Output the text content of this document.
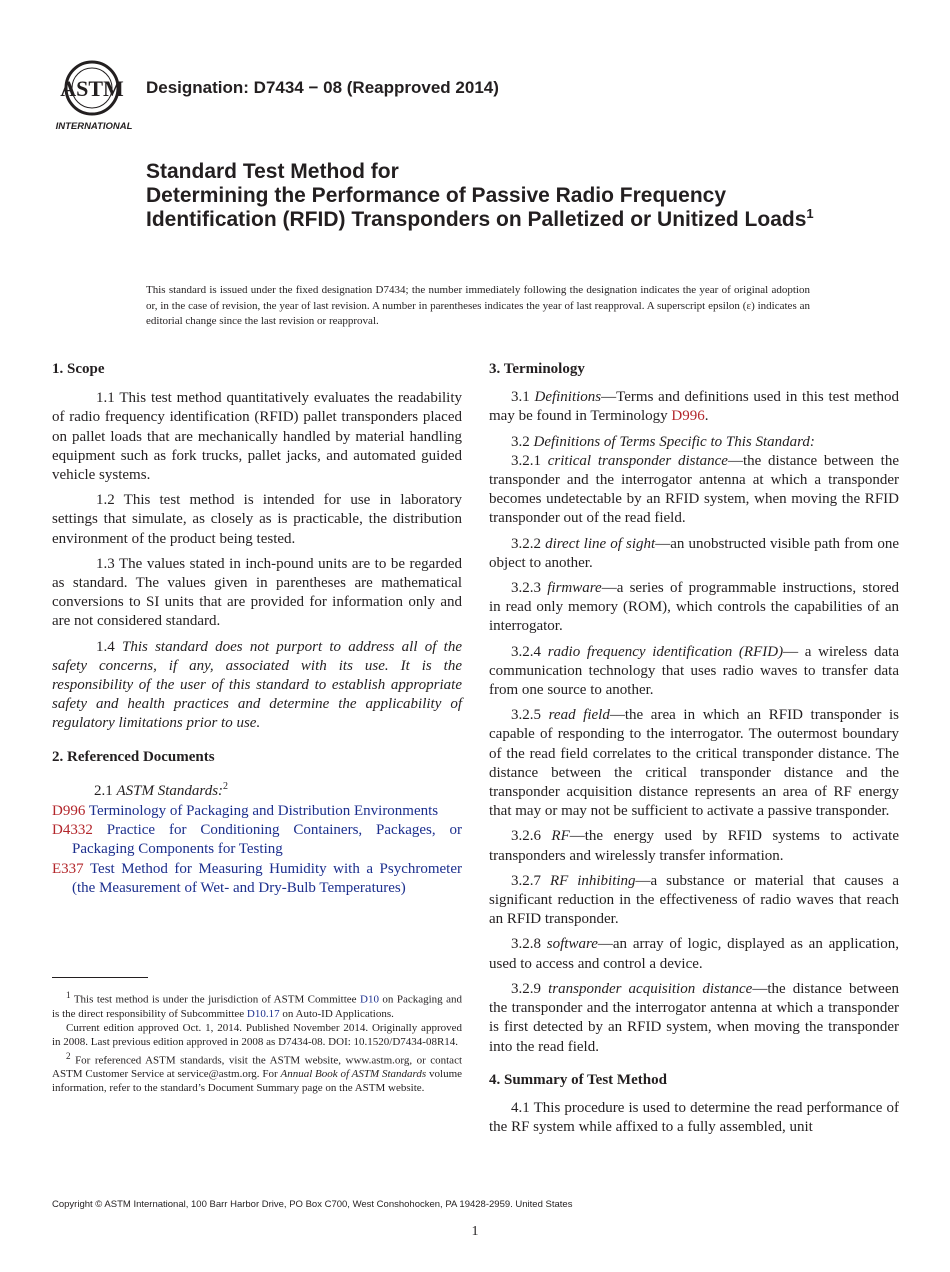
ASTM
INTERNATIONAL
Designation: D7434 − 08 (Reapproved 2014)
Standard Test Method for
Determining the Performance of Passive Radio Frequency Identification (RFID) Transponders on Palletized or Unitized Loads$^1$
This standard is issued under the fixed designation D7434; the number immediately following the designation indicates the year of original adoption or, in the case of revision, the year of last revision. A number in parentheses indicates the year of last reapproval. A superscript epsilon (ε) indicates an editorial change since the last revision or reapproval.

1. Scope

1.1 This test method quantitatively evaluates the readability of radio frequency identification (RFID) pallet transponders placed on pallet loads that are mechanically handled by material handling equipment such as fork trucks, pallet jacks, and automated guided vehicle systems.

1.2 This test method is intended for use in laboratory settings that simulate, as closely as is practicable, the distribution environment of the product being tested.

1.3 The values stated in inch-pound units are to be regarded as standard. The values given in parentheses are mathematical conversions to SI units that are provided for information only and are not considered standard.

1.4 This standard does not purport to address all of the safety concerns, if any, associated with its use. It is the responsibility of the user of this standard to establish appropriate safety and health practices and determine the applicability of regulatory limitations prior to use.

2. Referenced Documents

2.1 ASTM Standards:$^2$

D996 Terminology of Packaging and Distribution Environments

D4332 Practice for Conditioning Containers, Packages, or Packaging Components for Testing

E337 Test Method for Measuring Humidity with a Psychrometer (the Measurement of Wet- and Dry-Bulb Temperatures)

$^1$ This test method is under the jurisdiction of ASTM Committee D10 on Packaging and is the direct responsibility of Subcommittee D10.17 on Auto-ID Applications.

Current edition approved Oct. 1, 2014. Published November 2014. Originally approved in 2008. Last previous edition approved in 2008 as D7434-08. DOI: 10.1520/D7434-08R14.

$^2$ For referenced ASTM standards, visit the ASTM website, www.astm.org, or contact ASTM Customer Service at service@astm.org. For Annual Book of ASTM Standards volume information, refer to the standard’s Document Summary page on the ASTM website.

3. Terminology

3.1 Definitions—Terms and definitions used in this test method may be found in Terminology D996.

3.2 Definitions of Terms Specific to This Standard:

3.2.1 critical transponder distance—the distance between the transponder and the interrogator antenna at which a transponder becomes undetectable by an RFID system, when moving the RFID transponder out of the read field.

3.2.2 direct line of sight—an unobstructed visible path from one object to another.

3.2.3 firmware—a series of programmable instructions, stored in read only memory (ROM), which controls the capabilities of an interrogator.

3.2.4 radio frequency identification (RFID)— a wireless data communication technology that uses radio waves to transfer data from one source to another.

3.2.5 read field—the area in which an RFID transponder is capable of responding to the interrogator. The outermost boundary of the read field correlates to the critical transponder distance. The distance between the critical transponder distance and the transponder acquisition distance represents an area of RF energy that may or may not be sufficient to activate a passive transponder.

3.2.6 RF—the energy used by RFID systems to activate transponders and wirelessly transfer information.

3.2.7 RF inhibiting—a substance or material that causes a significant reduction in the effectiveness of radio waves that reach an RFID transponder.

3.2.8 software—an array of logic, displayed as an application, used to access and control a device.

3.2.9 transponder acquisition distance—the distance between the transponder and the interrogator antenna at which a transponder is first detected by an RFID system, when moving the transponder into the read field.

4. Summary of Test Method

4.1 This procedure is used to determine the read performance of the RF system while affixed to a fully assembled, unit

Copyright © ASTM International, 100 Barr Harbor Drive, PO Box C700, West Conshohocken, PA 19428-2959. United States
1
